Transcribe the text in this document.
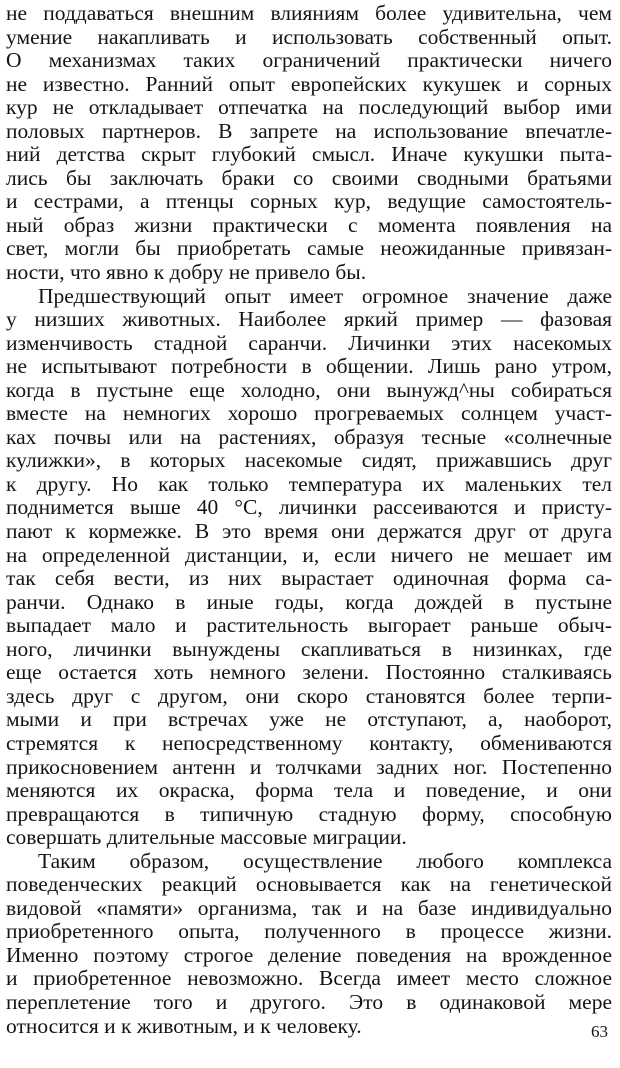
не поддаваться внешним влияниям более удивительна, чем
умение накапливать и использовать собственный опыт.
О механизмах таких ограничений практически ничего
не известно. Ранний опыт европейских кукушек и сорных
кур не откладывает отпечатка на последующий выбор ими
половых партнеров. В запрете на использование впечатле-
ний детства скрыт глубокий смысл. Иначе кукушки пыта-
лись бы заключать браки со своими сводными братьями
и сестрами, а птенцы сорных кур, ведущие самостоятель-
ный образ жизни практически с момента появления на
свет, могли бы приобретать самые неожиданные привязан-
ности, что явно к добру не привело бы.
Предшествующий опыт имеет огромное значение даже
у низших животных. Наиболее яркий пример — фазовая
изменчивость стадной саранчи. Личинки этих насекомых
не испытывают потребности в общении. Лишь рано утром,
когда в пустыне еще холодно, они вынужд^ны собираться
вместе на немногих хорошо прогреваемых солнцем участ-
ках почвы или на растениях, образуя тесные «солнечные
кулижки», в которых насекомые сидят, прижавшись друг
к другу. Но как только температура их маленьких тел
поднимется выше 40 °С, личинки рассеиваются и присту-
пают к кормежке. В это время они держатся друг от друга
на определенной дистанции, и, если ничего не мешает им
так себя вести, из них вырастает одиночная форма са-
ранчи. Однако в иные годы, когда дождей в пустыне
выпадает мало и растительность выгорает раньше обыч-
ного, личинки вынуждены скапливаться в низинках, где
еще остается хоть немного зелени. Постоянно сталкиваясь
здесь друг с другом, они скоро становятся более терпи-
мыми и при встречах уже не отступают, а, наоборот,
стремятся к непосредственному контакту, обмениваются
прикосновением антенн и толчками задних ног. Постепенно
меняются их окраска, форма тела и поведение, и они
превращаются в типичную стадную форму, способную
совершать длительные массовые миграции.
Таким образом, осуществление любого комплекса
поведенческих реакций основывается как на генетической
видовой «памяти» организма, так и на базе индивидуально
приобретенного опыта, полученного в процессе жизни.
Именно поэтому строгое деление поведения на врожденное
и приобретенное невозможно. Всегда имеет место сложное
переплетение того и другого. Это в одинаковой мере
относится и к животным, и к человеку.	63
